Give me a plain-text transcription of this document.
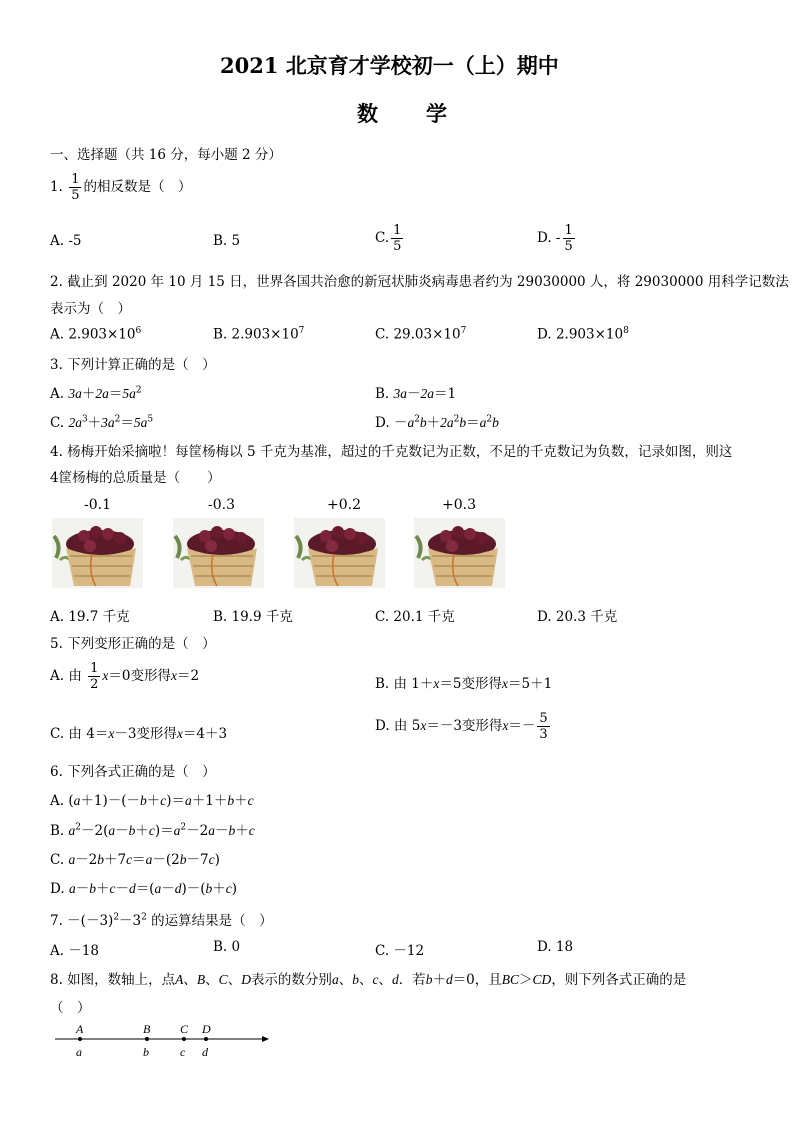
2021 北京育才学校初一（上）期中
数　　学
一、选择题（共 16 分，每小题 2 分）
1. $\frac{1}{5}$ 的相反数是（　）
A. -5	B. 5	C. $\frac{1}{5}$	D. - $\frac{1}{5}$
2. 截止到 2020 年 10 月 15 日，世界各国共治愈的新冠状肺炎病毒患者约为 29030000 人，将 29030000 用科学记数法
表示为（　）
A. $2.903\times 10^6$	B. $2.903\times 10^7$	C. $29.03\times 10^7$	D. $2.903\times 10^8$
3. 下列计算正确的是（　）
A. $3a+2a=5a^2$	B. 3a－2a＝1
C. $2a^3+3a^2=5a^5$	D. $-a^2b+2a^2b=a^2b$
4. 杨梅开始采摘啦！每筐杨梅以 5 千克为基准，超过的千克数记为正数，不足的千克数记为负数，记录如图，则这
4筐杨梅的总质量是（　　）
-0.1	-0.3	+0.2	+0.3
A. 19.7 千克	B. 19.9 千克	C. 20.1 千克	D. 20.3 千克
5. 下列变形正确的是（　）
A. 由 $\frac{1}{2} x=0$变形得x＝2	B. 由 1＋x＝5变形得x＝5＋1
C. 由 4＝x－3变形得x＝4＋3	D. 由 5x＝－3变形得$x=- \frac{5}{3}$
6. 下列各式正确的是（　）
A. (a＋1)－(－b＋c)＝a＋1＋b＋c
B. $a^2-2(a-b+c)=a^2-2a-b+c$
C. a－2b＋7c＝a－(2b－7c)
D. a－b＋c－d＝(a－d)－(b＋c)
7. $-(-3)^2-3^2$ 的运算结果是（　）
A. －18	B. 0	C. －12	D. 18
8. 如图，数轴上，点A、B、C、D表示的数分别a、b、c、d．若b＋d＝0，且BC＞CD，则下列各式正确的是
（　）
A	B C D
a	b	c d
